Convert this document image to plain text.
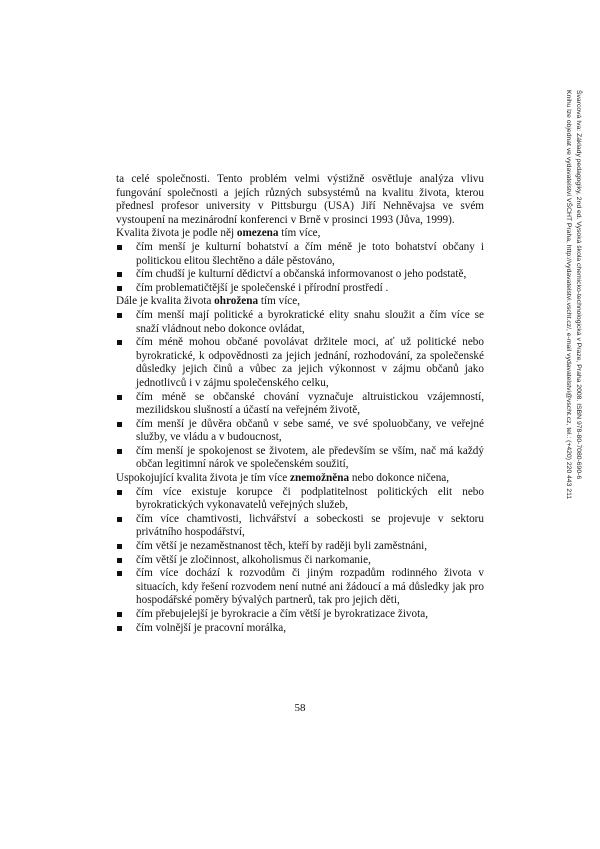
Švarcová Iva: Základy pedagogiky, 2nd ed. Vysoká škola chemicko-technologická v Praze, Praha 2008. ISBN 978-80-7080-690-6
Knihu lze objednat ve vydavatelství VŠCHT Praha, http://vydavatelstvi.vscht.cz/, e-mail vydavatelstvi@vscht.cz, tel.: (+420) 220 443 211

ta celé společnosti. Tento problém velmi výstižně osvětluje analýza vlivu fungování společnosti a jejích různých subsystémů na kvalitu života, kterou přednesl profesor university v Pittsburgu (USA) Jiří Nehněvajsa ve svém vystoupení na mezinárodní konferenci v Brně v prosinci 1993 (Jůva, 1999).

Kvalita života je podle něj omezena tím více,

čím menší je kulturní bohatství a čím méně je toto bohatství občany i politickou elitou šlechtěno a dále pěstováno,
čím chudší je kulturní dědictví a občanská informovanost o jeho podstatě,
čím problematičtější je společenské i přírodní prostředí .

Dále je kvalita života ohrožena tím více,

čím menší mají politické a byrokratické elity snahu sloužit a čím více se snaží vládnout nebo dokonce ovládat,
čím méně mohou občané povolávat držitele moci, ať už politické nebo byrokratické, k odpovědnosti za jejich jednání, rozhodování, za společenské důsledky jejich činů a vůbec za jejich výkonnost v zájmu občanů jako jednotlivců i v zájmu společenského celku,
čím méně se občanské chování vyznačuje altruistickou vzájemností, mezilidskou slušností a účastí na veřejném životě,
čím menší je důvěra občanů v sebe samé, ve své spoluobčany, ve veřejné služby, ve vládu a v budoucnost,
čím menší je spokojenost se životem, ale především se vším, nač má každý občan legitimní nárok ve společenském soužití,

Uspokojující kvalita života je tím více znemožněna nebo dokonce ničena,

čím více existuje korupce či podplatitelnost politických elit nebo byrokratických vykonavatelů veřejných služeb,
čím více chamtivosti, lichvářství a sobeckosti se projevuje v sektoru privátního hospodářství,
čím větší je nezaměstnanost těch, kteří by raději byli zaměstnáni,
čím větší je zločinnost, alkoholismus či narkomanie,
čím více dochází k rozvodům či jiným rozpadům rodinného života v situacích, kdy řešení rozvodem není nutné ani žádoucí a má důsledky jak pro hospodářské poměry bývalých partnerů, tak pro jejich děti,
čím přebujelejší je byrokracie a čím větší je byrokratizace života,
čím volnější je pracovní morálka,
58
